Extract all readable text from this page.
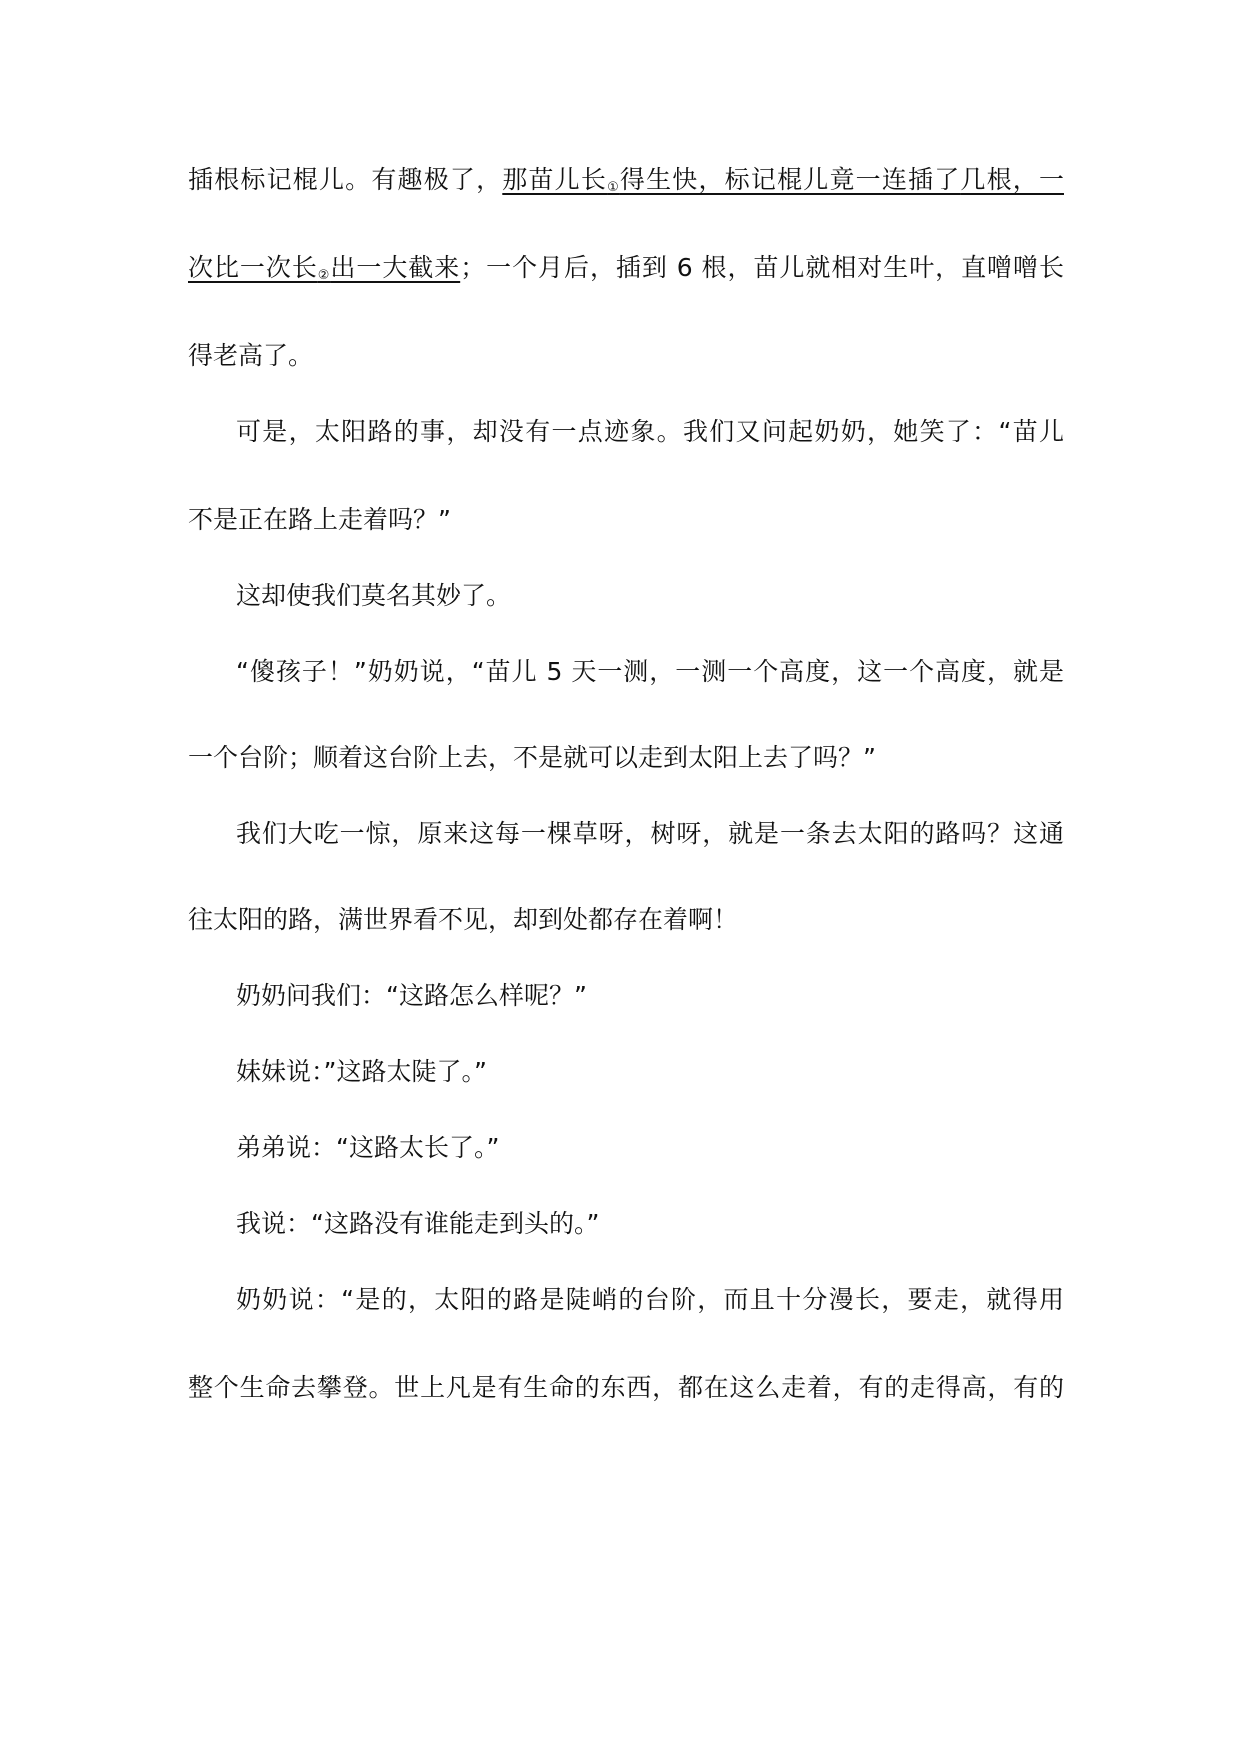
插根标记棍儿。有趣极了，那苗儿长①得生快，标记棍儿竟一连插了几根，一
次比一次长②出一大截来；一个月后，插到 6 根，苗儿就相对生叶，直噌噌长
得老高了。
可是，太阳路的事，却没有一点迹象。我们又问起奶奶，她笑了：“苗儿
不是正在路上走着吗？”
这却使我们莫名其妙了。
“傻孩子！”奶奶说，“苗儿 5 天一测，一测一个高度，这一个高度，就是
一个台阶；顺着这台阶上去，不是就可以走到太阳上去了吗？”
我们大吃一惊，原来这每一棵草呀，树呀，就是一条去太阳的路吗？这通
往太阳的路，满世界看不见，却到处都存在着啊！
奶奶问我们：“这路怎么样呢？”
妹妹说：”这路太陡了。”
弟弟说：“这路太长了。”
我说：“这路没有谁能走到头的。”
奶奶说：“是的，太阳的路是陡峭的台阶，而且十分漫长，要走，就得用
整个生命去攀登。世上凡是有生命的东西，都在这么走着，有的走得高，有的
